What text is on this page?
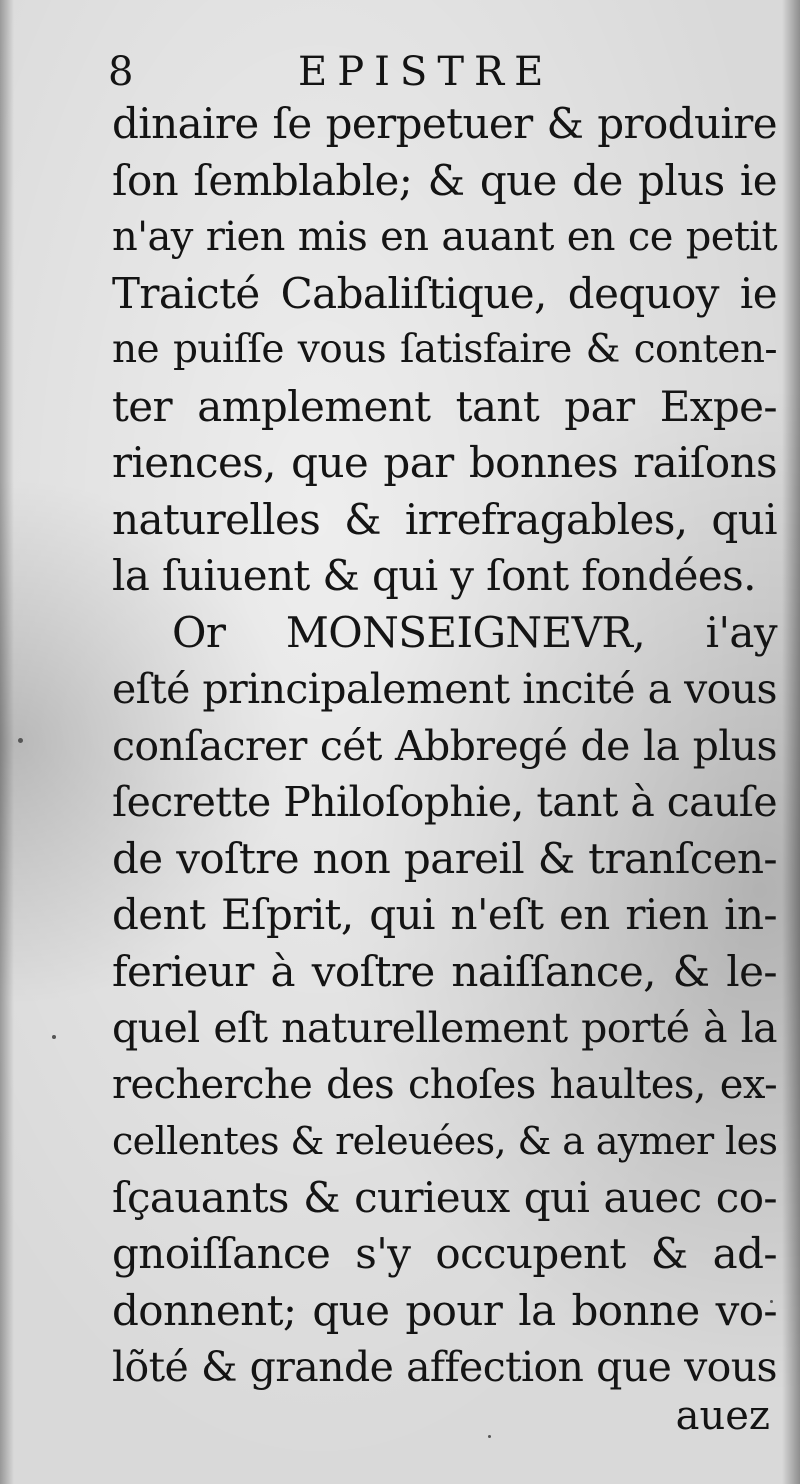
8	EPISTRE
dinaire ſe perpetuer & produire
ſon ſemblable; & que de plus ie
n'ay rien mis en auant en ce petit
Traicté Cabaliſtique, dequoy ie
ne puiſſe vous ſatisfaire & conten-
ter amplement tant par Expe-
riences, que par bonnes raiſons
naturelles & irrefragables, qui
la ſuiuent & qui y ſont fondées.
Or MONSEIGNEVR, i'ay
eſté principalement incité a vous
conſacrer cét Abbregé de la plus
ſecrette Philoſophie, tant à cauſe
de voſtre non pareil & tranſcen-
dent Eſprit, qui n'eſt en rien in-
ferieur à voſtre naiſſance, & le-
quel eſt naturellement porté à la
recherche des choſes haultes, ex-
cellentes & releuées, & a aymer les
ſçauants & curieux qui auec co-
gnoiſſance s'y occupent & ad-
donnent; que pour la bonne vo-
lõté & grande affection que vous
auez
